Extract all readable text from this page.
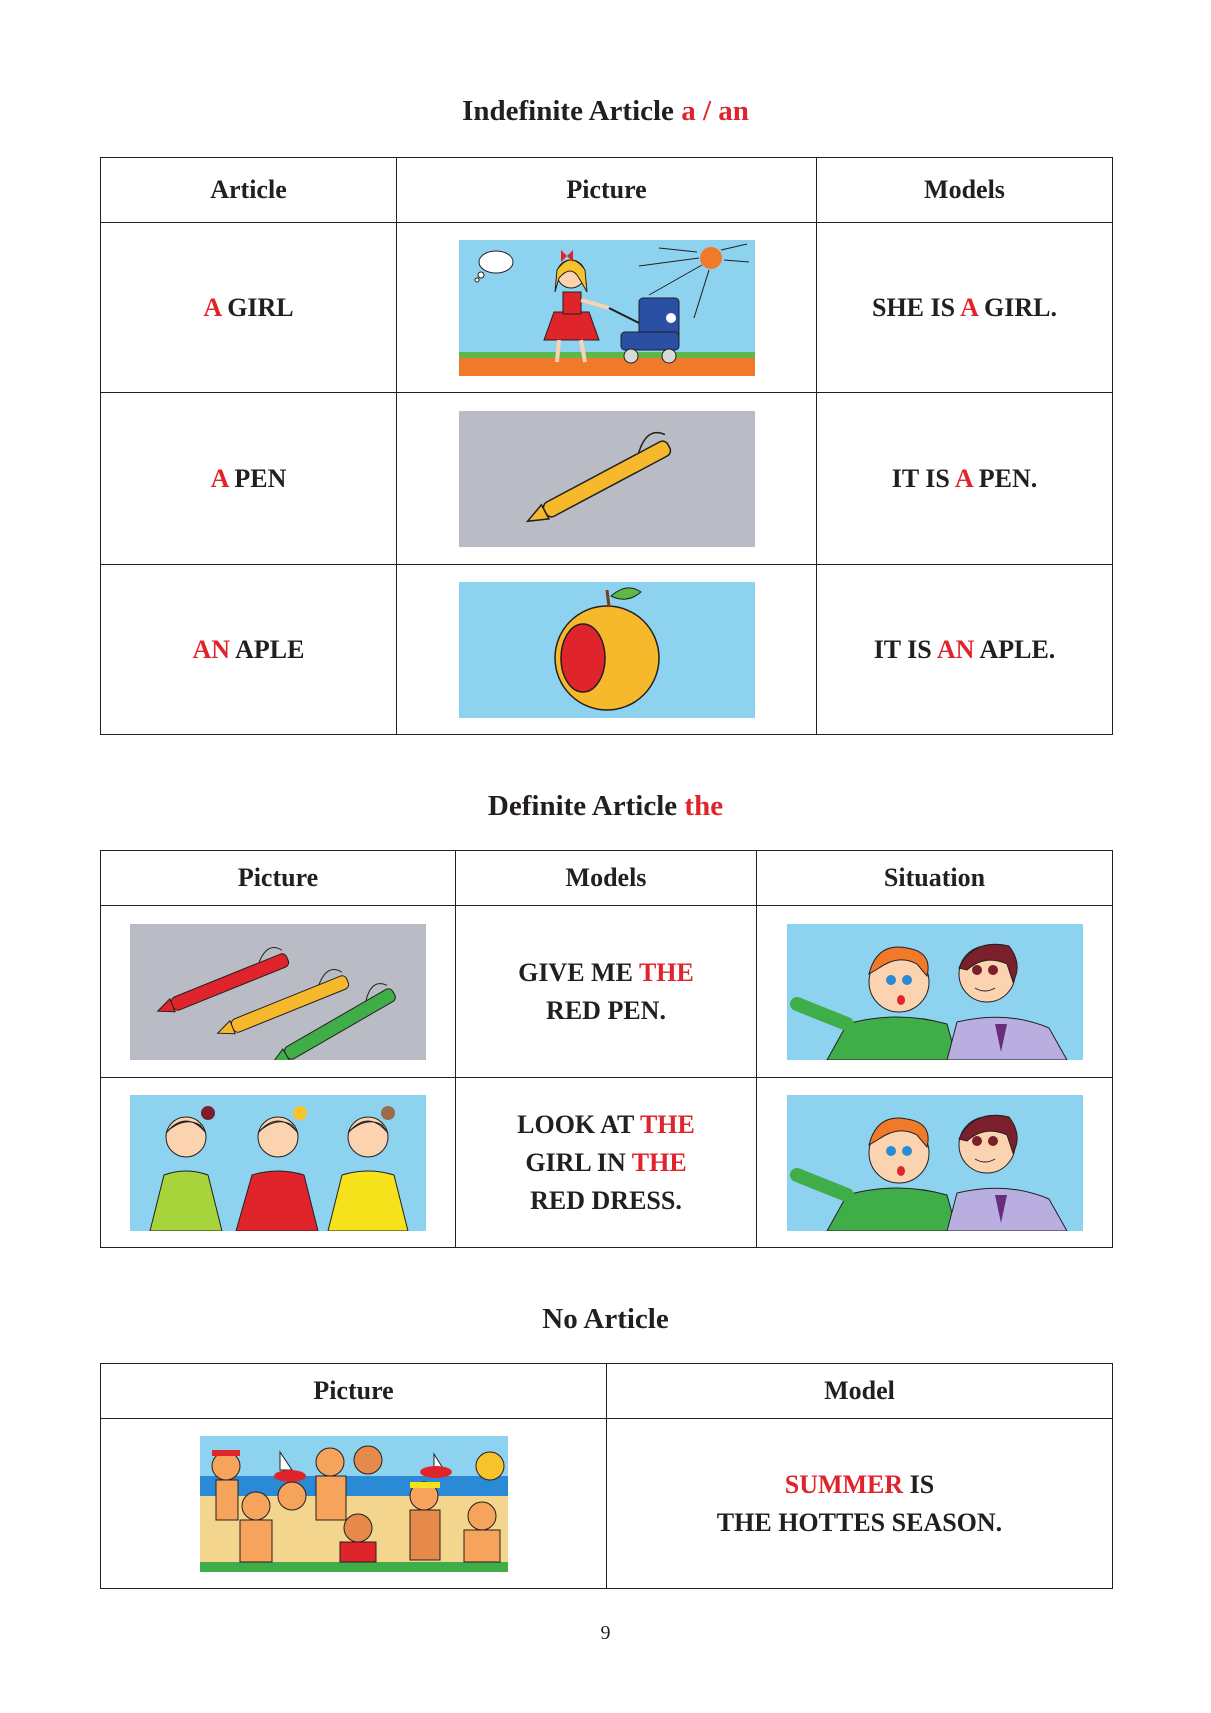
Indefinite Article a / an
Article	Picture	Models
A GIRL		SHE IS A GIRL.
A PEN		IT IS A PEN.
AN APLE		IT IS AN APLE.
Definite Article the
Picture	Models	Situation

	GIVE ME THE
RED PEN.	

	LOOK AT THE
GIRL IN THE
RED DRESS.	
No Article
Picture	Model

	SUMMER IS
THE HOTTES SEASON.
9
